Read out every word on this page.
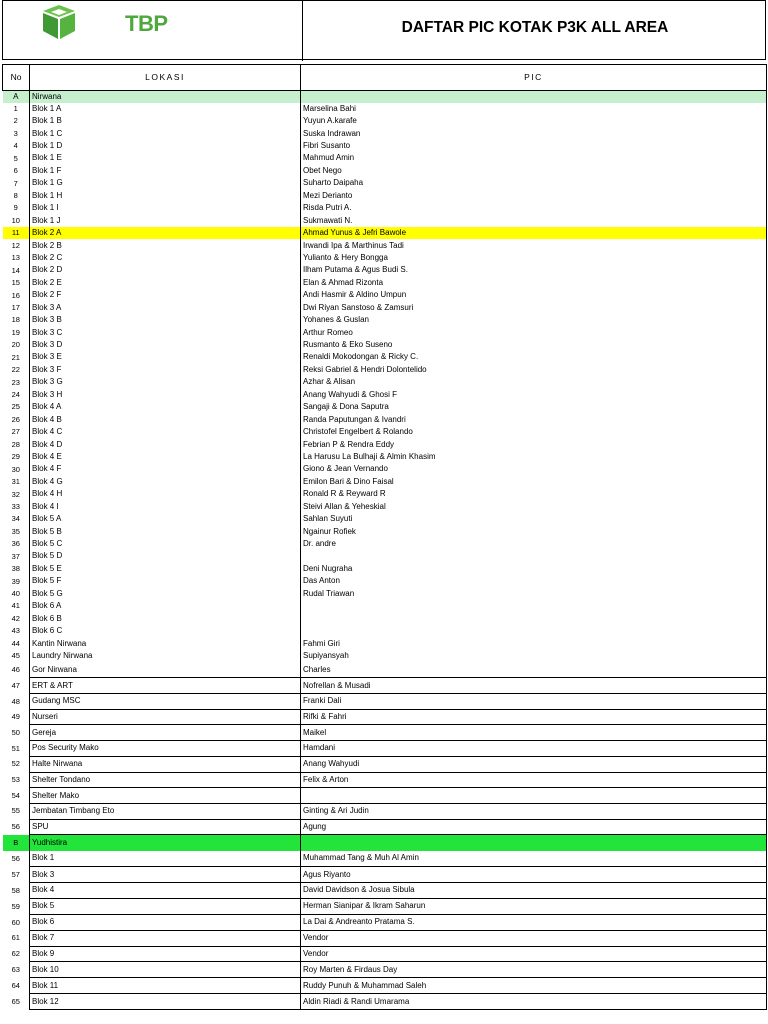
TBP	DAFTAR PIC KOTAK P3K ALL AREA
No	LOKASI	PIC
A	Nirwana	
1	Blok 1 A	Marselina Bahi
2	Blok 1 B	Yuyun A.karafe
3	Blok 1 C	Suska Indrawan
4	Blok 1 D	Fibri Susanto
5	Blok 1 E	Mahmud Amin
6	Blok 1 F	Obet Nego
7	Blok 1 G	Suharto Daipaha
8	Blok 1 H	Mezi Derianto
9	Blok 1 I	Risda Putri A.
10	Blok 1 J	Sukmawati N.
11	Blok 2 A	Ahmad Yunus & Jefri Bawole
12	Blok 2 B	Irwandi Ipa & Marthinus Tadi
13	Blok 2 C	Yulianto & Hery Bongga
14	Blok 2 D	Ilham Putama & Agus Budi S.
15	Blok 2 E	Elan & Ahmad Rizonta
16	Blok 2 F	Andi Hasmir & Aldino Umpun
17	Blok 3 A	Dwi Riyan Sanstoso & Zamsuri
18	Blok 3 B	Yohanes & Guslan
19	Blok 3 C	Arthur Romeo
20	Blok 3 D	Rusmanto & Eko Suseno
21	Blok 3 E	Renaldi Mokodongan & Ricky C.
22	Blok 3 F	Reksi Gabriel & Hendri Dolontelido
23	Blok 3 G	Azhar & Alisan
24	Blok 3 H	Anang Wahyudi & Ghosi F
25	Blok 4 A	Sangaji & Dona Saputra
26	Blok 4 B	Randa Paputungan & Ivandri
27	Blok 4 C	Christofel Engelbert & Rolando
28	Blok 4 D	Febrian P & Rendra Eddy
29	Blok 4 E	La Harusu La Bulhaji & Almin Khasim
30	Blok 4 F	Giono & Jean Vernando
31	Blok 4 G	Emilon Bari & Dino Faisal
32	Blok 4 H	Ronald R & Reyward R
33	Blok 4 I	Steivi Allan & Yeheskial
34	Blok 5 A	Sahlan Suyuti
35	Blok 5 B	Ngainur Rofiek
36	Blok 5 C	Dr. andre
37	Blok 5 D	
38	Blok 5 E	Deni Nugraha
39	Blok 5 F	Das Anton
40	Blok 5 G	Rudal Triawan
41	Blok 6 A	
42	Blok 6 B	
43	Blok 6 C	
44	Kantin Nirwana	Fahmi Giri
45	Laundry Nirwana	Supiyansyah
46	Gor Nirwana	Charles
47	ERT & ART	Nofrellan & Musadi
48	Gudang MSC	Franki Dali
49	Nurseri	Rifki & Fahri
50	Gereja	Maikel
51	Pos Security Mako	Hamdani
52	Halte Nirwana	Anang Wahyudi
53	Shelter Tondano	Felix & Arton
54	Shelter Mako	
55	Jembatan Timbang Eto	Ginting & Ari Judin
56	SPU	Agung
B	Yudhistira	
56	Blok 1	Muhammad Tang & Muh Al Amin
57	Blok 3	Agus Riyanto
58	Blok 4	David Davidson & Josua Sibula
59	Blok 5	Herman Sianipar & Ikram Saharun
60	Blok 6	La Dai & Andreanto Pratama S.
61	Blok 7	Vendor
62	Blok 9	Vendor
63	Blok 10	Roy Marten & Firdaus Day
64	Blok 11	Ruddy Punuh & Muhammad Saleh
65	Blok 12	Aldin Riadi & Randi Umarama
